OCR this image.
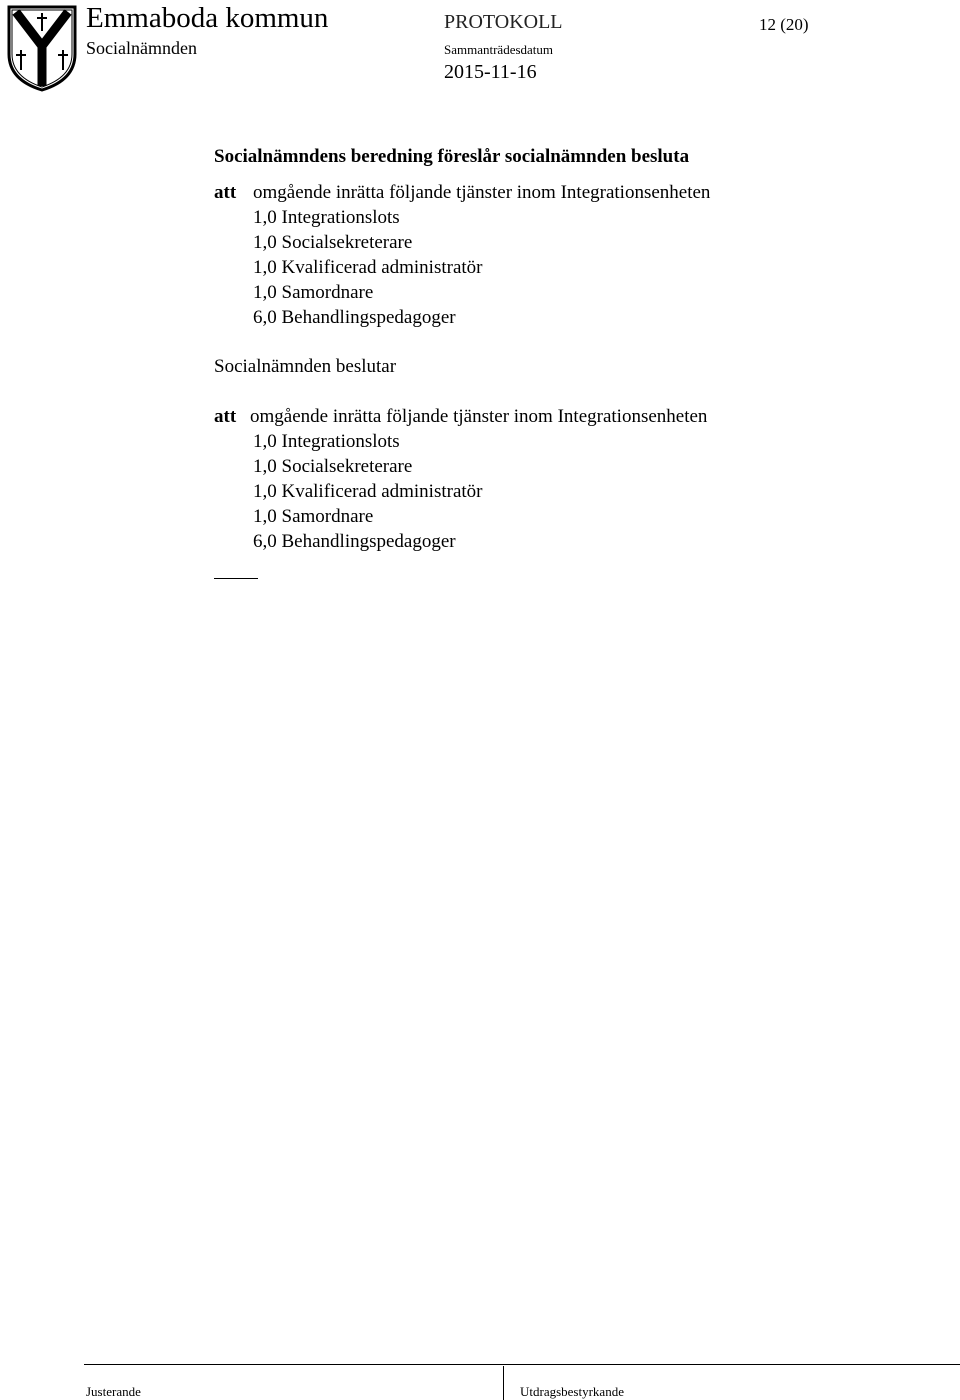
Emmaboda kommun
Socialnämnden
PROTOKOLL	12 (20)
Sammanträdesdatum
2015-11-16
Socialnämndens beredning föreslår socialnämnden besluta
att omgående inrätta följande tjänster inom Integrationsenheten
1,0 Integrationslots
1,0 Socialsekreterare
1,0 Kvalificerad administratör
1,0 Samordnare
6,0 Behandlingspedagoger
Socialnämnden beslutar
att omgående inrätta följande tjänster inom Integrationsenheten
1,0 Integrationslots
1,0 Socialsekreterare
1,0 Kvalificerad administratör
1,0 Samordnare
6,0 Behandlingspedagoger
Justerande	Utdragsbestyrkande
